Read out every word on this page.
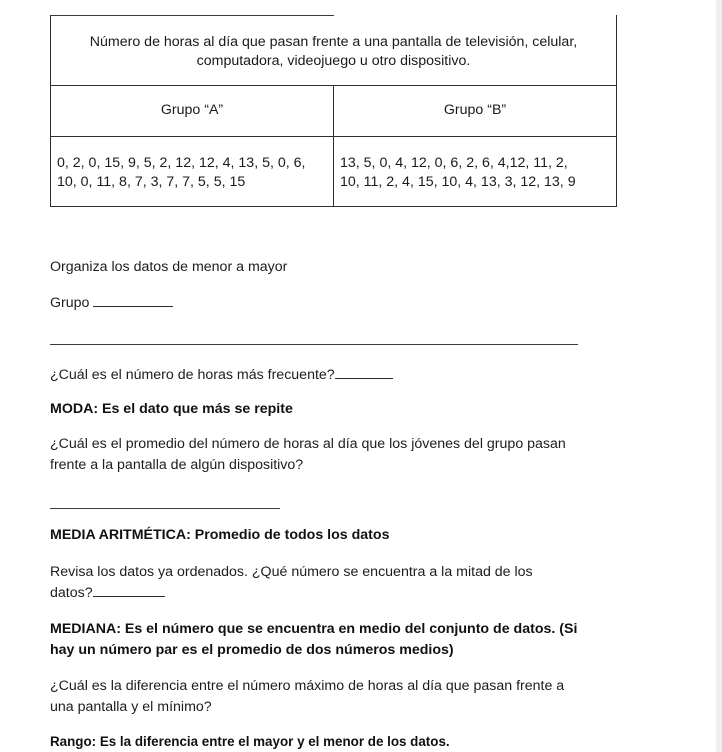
Número de horas al día que pasan frente a una pantalla de televisión, celular,
computadora, videojuego u otro dispositivo.	

Grupo “A”	Grupo “B”

0, 2, 0, 15, 9, 5, 2, 12, 12, 4, 13, 5, 0, 6,
10, 0, 11, 8, 7, 3, 7, 7, 5, 5, 15

13, 5, 0, 4, 12, 0, 6, 2, 6, 4,12, 11, 2,
10, 11, 2, 4, 15, 10, 4, 13, 3, 12, 13, 9
Organiza los datos de menor a mayor
Grupo
¿Cuál es el número de horas más frecuente?
MODA: Es el dato que más se repite
¿Cuál es el promedio del número de horas al día que los jóvenes del grupo pasan
frente a la pantalla de algún dispositivo?
MEDIA ARITMÉTICA: Promedio de todos los datos
Revisa los datos ya ordenados. ¿Qué número se encuentra a la mitad de los
datos?
MEDIANA: Es el número que se encuentra en medio del conjunto de datos. (Si
hay un número par es el promedio de dos números medios)
¿Cuál es la diferencia entre el número máximo de horas al día que pasan frente a
una pantalla y el mínimo?
Rango: Es la diferencia entre el mayor y el menor de los datos.
